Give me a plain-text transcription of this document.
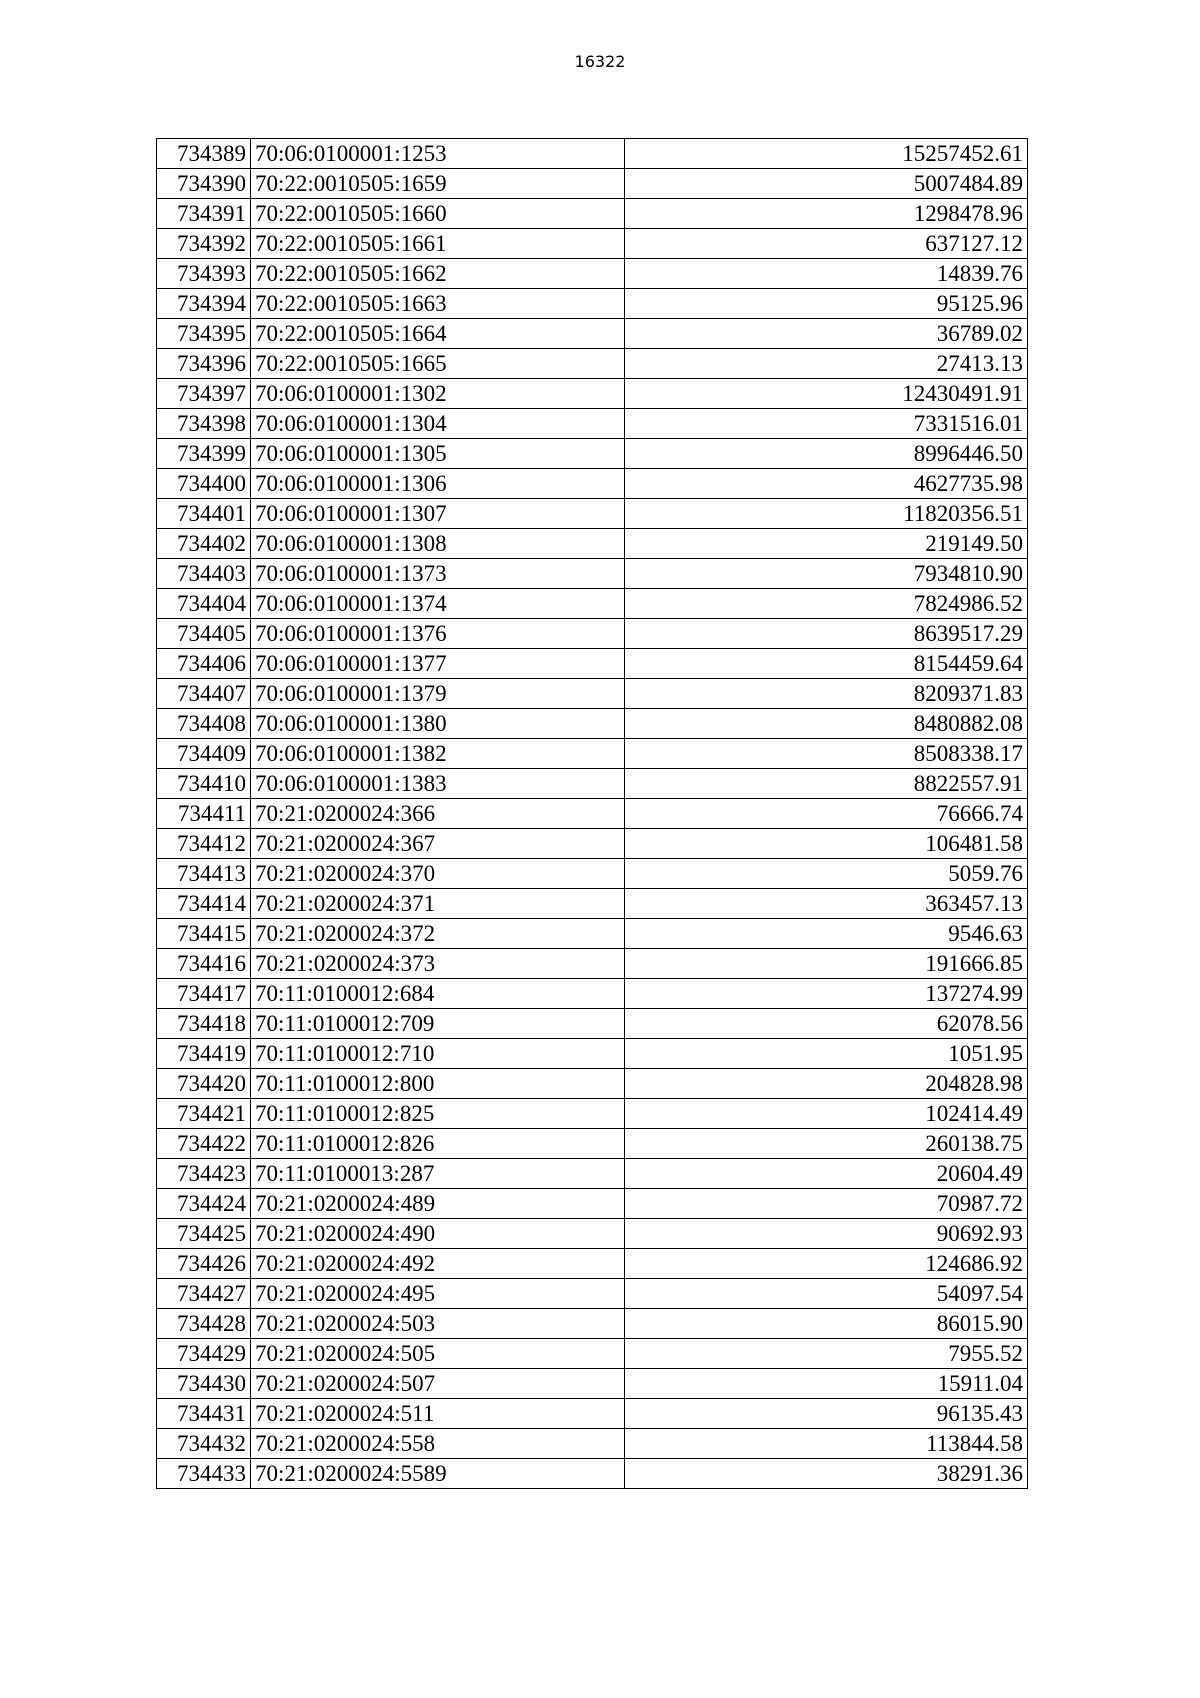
16322
734389	70:06:0100001:1253	15257452.61
734390	70:22:0010505:1659	5007484.89
734391	70:22:0010505:1660	1298478.96
734392	70:22:0010505:1661	637127.12
734393	70:22:0010505:1662	14839.76
734394	70:22:0010505:1663	95125.96
734395	70:22:0010505:1664	36789.02
734396	70:22:0010505:1665	27413.13
734397	70:06:0100001:1302	12430491.91
734398	70:06:0100001:1304	7331516.01
734399	70:06:0100001:1305	8996446.50
734400	70:06:0100001:1306	4627735.98
734401	70:06:0100001:1307	11820356.51
734402	70:06:0100001:1308	219149.50
734403	70:06:0100001:1373	7934810.90
734404	70:06:0100001:1374	7824986.52
734405	70:06:0100001:1376	8639517.29
734406	70:06:0100001:1377	8154459.64
734407	70:06:0100001:1379	8209371.83
734408	70:06:0100001:1380	8480882.08
734409	70:06:0100001:1382	8508338.17
734410	70:06:0100001:1383	8822557.91
734411	70:21:0200024:366	76666.74
734412	70:21:0200024:367	106481.58
734413	70:21:0200024:370	5059.76
734414	70:21:0200024:371	363457.13
734415	70:21:0200024:372	9546.63
734416	70:21:0200024:373	191666.85
734417	70:11:0100012:684	137274.99
734418	70:11:0100012:709	62078.56
734419	70:11:0100012:710	1051.95
734420	70:11:0100012:800	204828.98
734421	70:11:0100012:825	102414.49
734422	70:11:0100012:826	260138.75
734423	70:11:0100013:287	20604.49
734424	70:21:0200024:489	70987.72
734425	70:21:0200024:490	90692.93
734426	70:21:0200024:492	124686.92
734427	70:21:0200024:495	54097.54
734428	70:21:0200024:503	86015.90
734429	70:21:0200024:505	7955.52
734430	70:21:0200024:507	15911.04
734431	70:21:0200024:511	96135.43
734432	70:21:0200024:558	113844.58
734433	70:21:0200024:5589	38291.36
